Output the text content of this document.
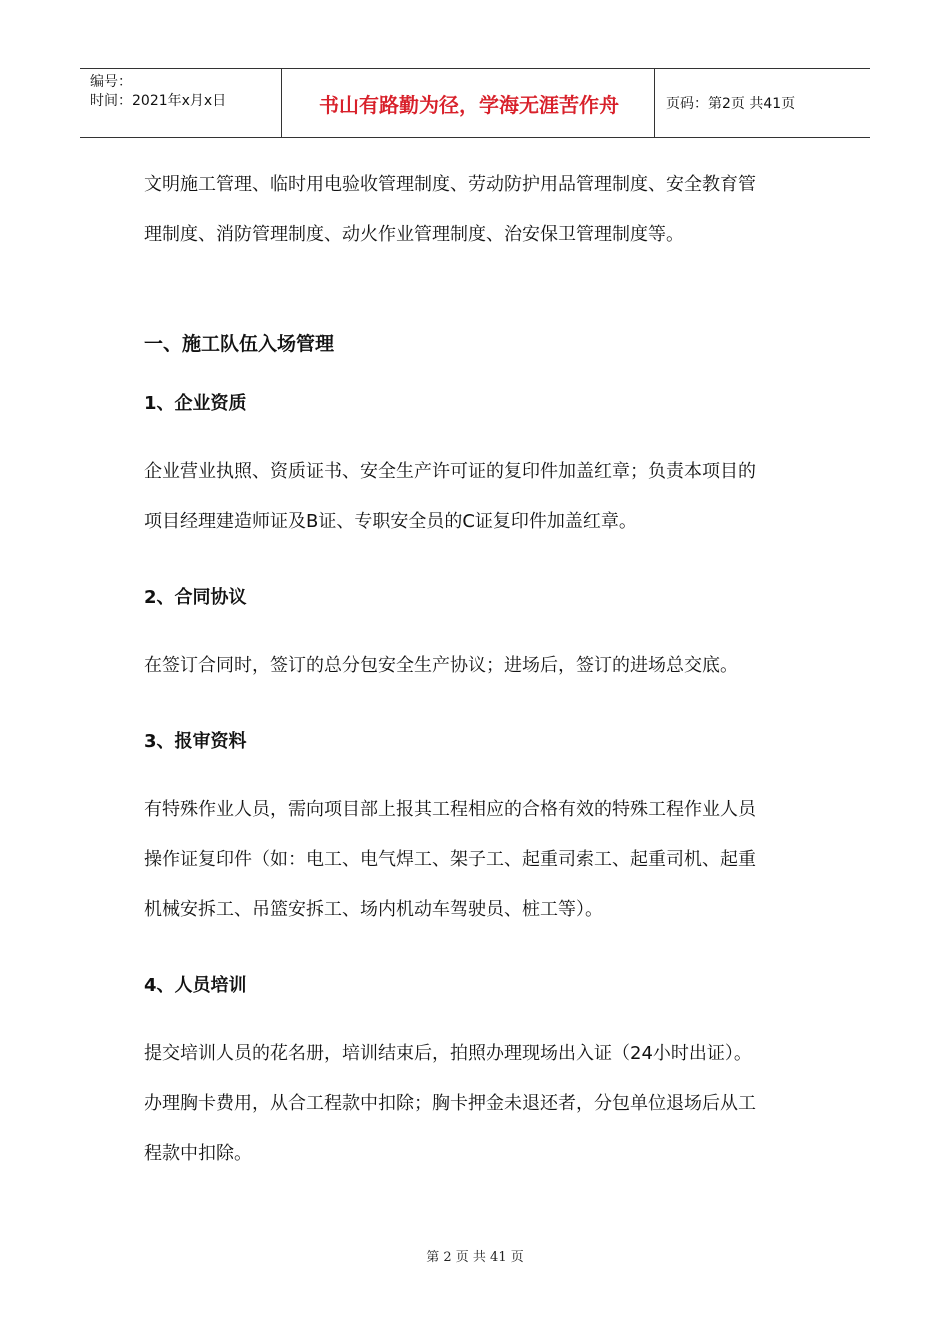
编号：
时间：2021年x月x日	书山有路勤为径，学海无涯苦作舟	页码：第2页 共41页
文明施工管理、临时用电验收管理制度、劳动防护用品管理制度、安全教育管
理制度、消防管理制度、动火作业管理制度、治安保卫管理制度等。
一、施工队伍入场管理
1、企业资质
企业营业执照、资质证书、安全生产许可证的复印件加盖红章；负责本项目的
项目经理建造师证及B证、专职安全员的C证复印件加盖红章。
2、合同协议
在签订合同时，签订的总分包安全生产协议；进场后，签订的进场总交底。
3、报审资料
有特殊作业人员，需向项目部上报其工程相应的合格有效的特殊工程作业人员
操作证复印件（如：电工、电气焊工、架子工、起重司索工、起重司机、起重
机械安拆工、吊篮安拆工、场内机动车驾驶员、桩工等）。
4、人员培训
提交培训人员的花名册，培训结束后，拍照办理现场出入证（24小时出证）。
办理胸卡费用，从合工程款中扣除；胸卡押金未退还者，分包单位退场后从工
程款中扣除。
第 2 页 共 41 页
